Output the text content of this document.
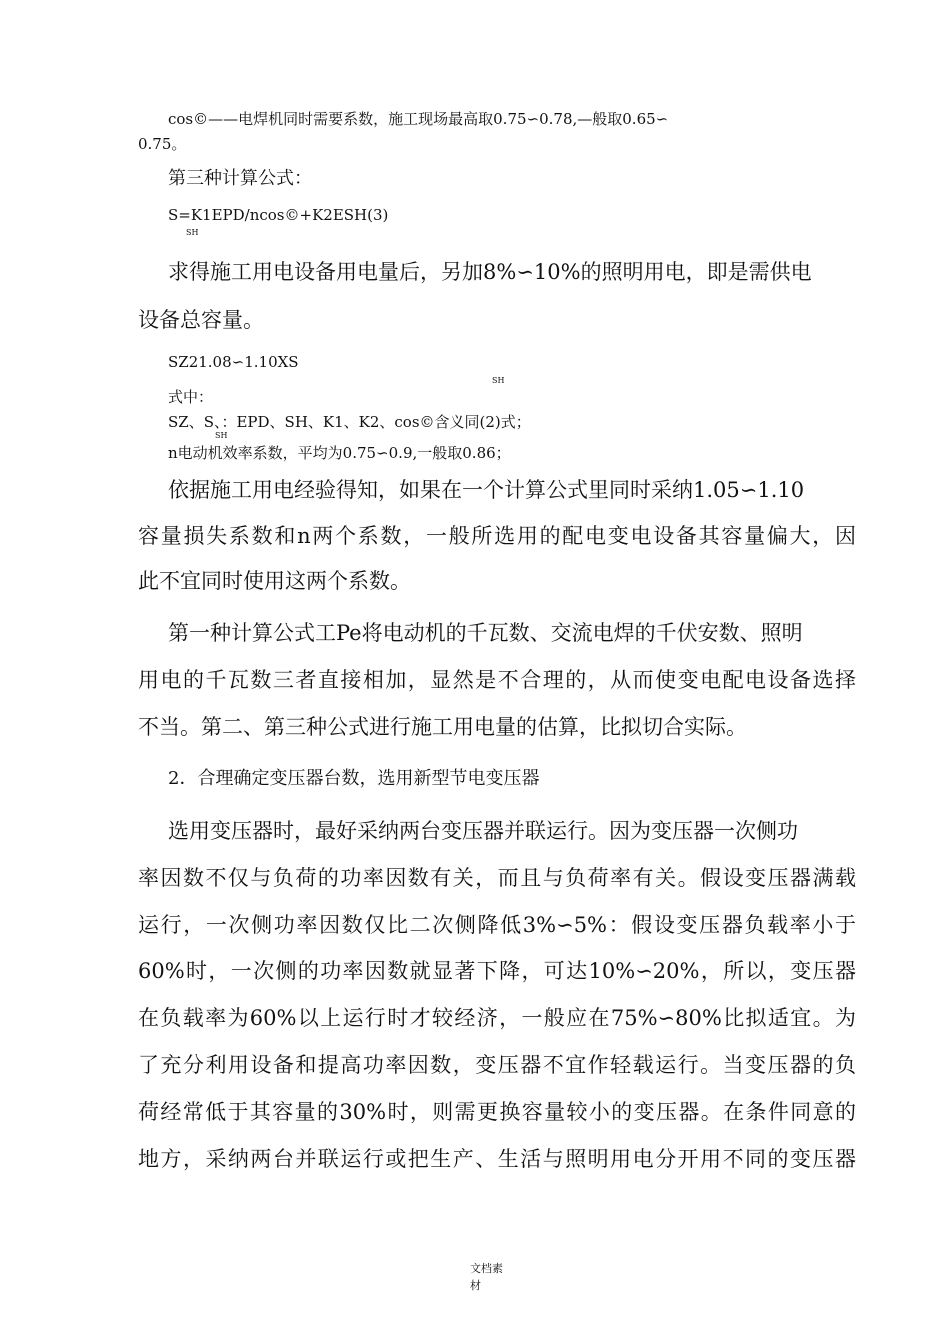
cos©——电焊机同时需要系数，施工现场最高取0.75∽0.78,—般取0.65∽
0.75。
第三种计算公式：
S=K1EPD/ncos©+K2ESH(3)
SH
求得施工用电设备用电量后，另加8%∽10%的照明用电，即是需供电
设备总容量。
SZ21.08∽1.10XS
SH
式中：
SZ、S、：EPD、SH、K1、K2、cos©含义同(2)式；
SH
n电动机效率系数，平均为0.75∽0.9,一般取0.86；
依据施工用电经验得知，如果在一个计算公式里同时采纳1.05∽1.10
容量损失系数和n两个系数，一般所选用的配电变电设备其容量偏大，因
此不宜同时使用这两个系数。
第一种计算公式工Pe将电动机的千瓦数、交流电焊的千伏安数、照明
用电的千瓦数三者直接相加，显然是不合理的，从而使变电配电设备选择
不当。第二、第三种公式进行施工用电量的估算，比拟切合实际。
2．合理确定变压器台数，选用新型节电变压器
选用变压器时，最好采纳两台变压器并联运行。因为变压器一次侧功
率因数不仅与负荷的功率因数有关，而且与负荷率有关。假设变压器满载
运行，一次侧功率因数仅比二次侧降低3%∽5%：假设变压器负载率小于
60%时，一次侧的功率因数就显著下降，可达10%∽20%，所以，变压器
在负载率为60%以上运行时才较经济，一般应在75%∽80%比拟适宜。为
了充分利用设备和提高功率因数，变压器不宜作轻载运行。当变压器的负
荷经常低于其容量的30%时，则需更换容量较小的变压器。在条件同意的
地方，采纳两台并联运行或把生产、生活与照明用电分开用不同的变压器
文档素
材
